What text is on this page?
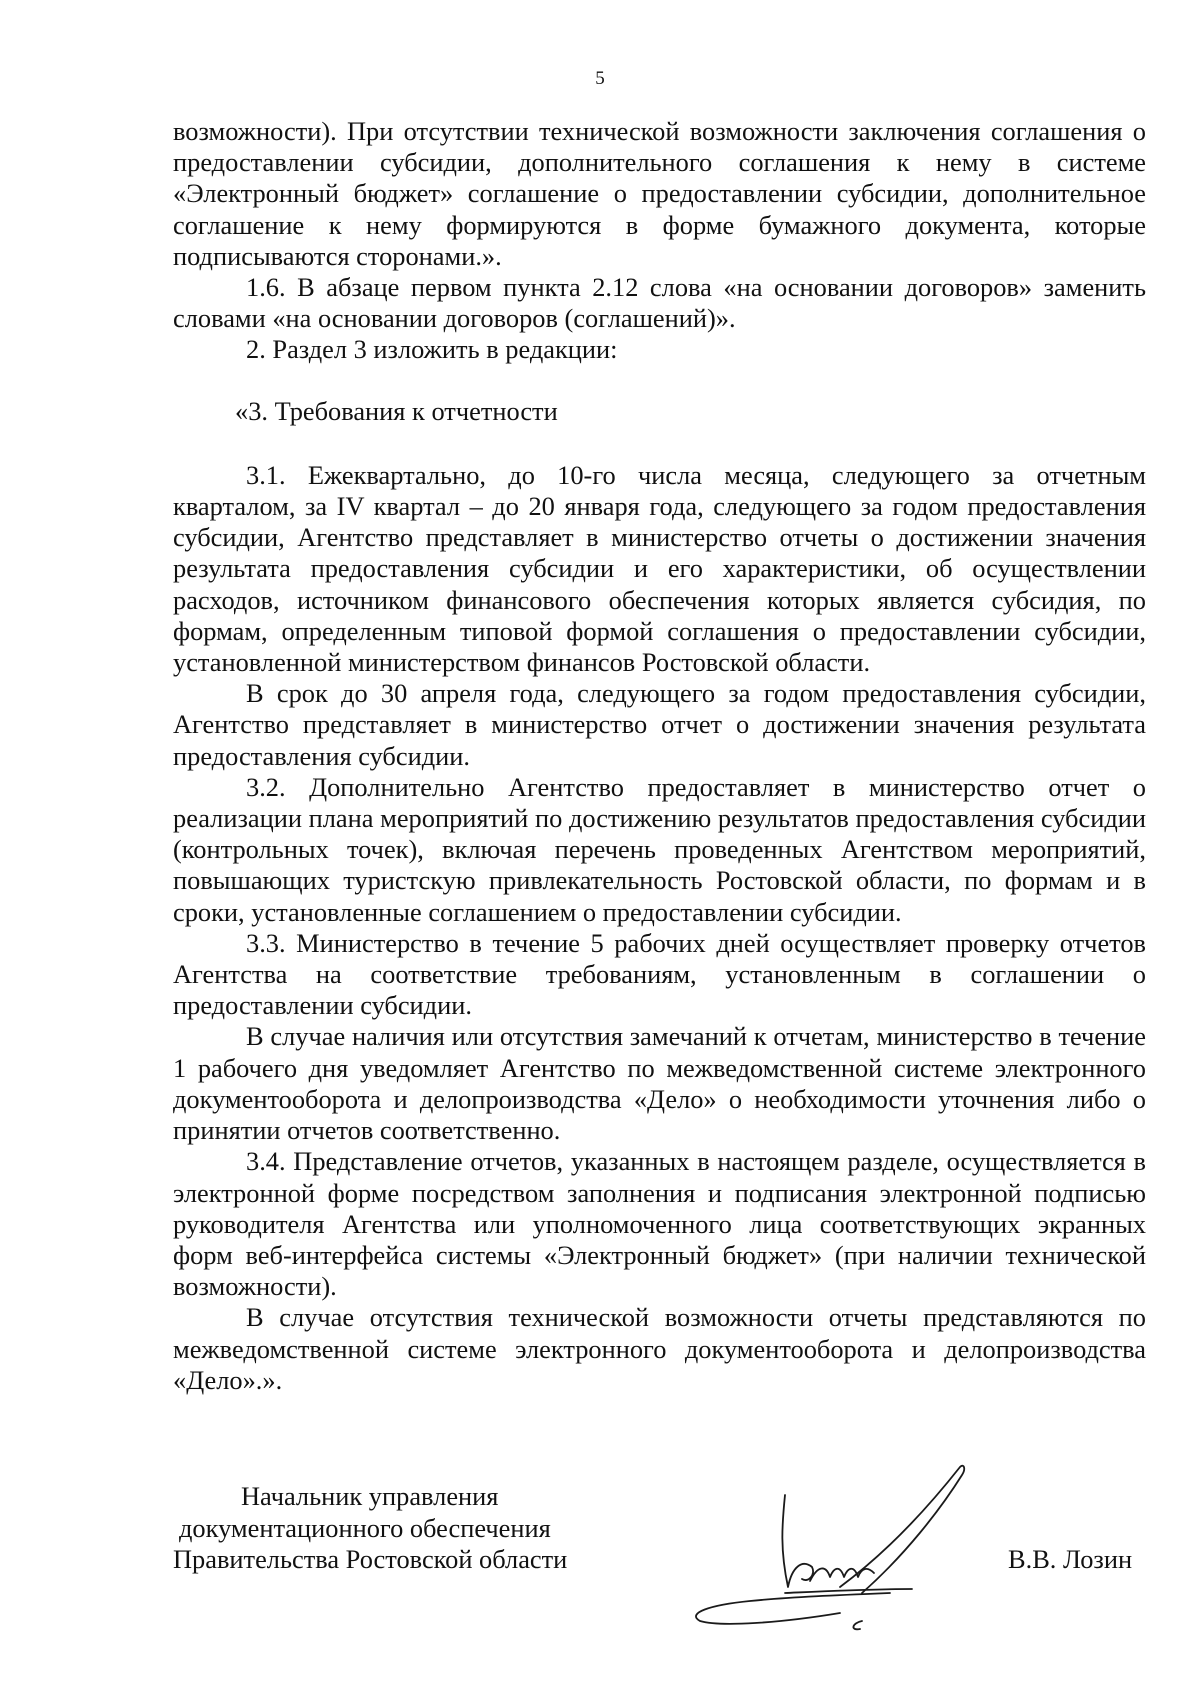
5

возможности). При отсутствии технической возможности заключения соглашения о предоставлении субсидии, дополнительного соглашения к нему в системе «Электронный бюджет» соглашение о предоставлении субсидии, дополнительное соглашение к нему формируются в форме бумажного документа, которые подписываются сторонами.».

1.6. В абзаце первом пункта 2.12 слова «на основании договоров» заменить словами «на основании договоров (соглашений)».

2. Раздел 3 изложить в редакции:

«3. Требования к отчетности

3.1. Ежеквартально, до 10-го числа месяца, следующего за отчетным кварталом, за IV квартал – до 20 января года, следующего за годом предоставления субсидии, Агентство представляет в министерство отчеты о достижении значения результата предоставления субсидии и его характеристики, об осуществлении расходов, источником финансового обеспечения которых является субсидия, по формам, определенным типовой формой соглашения о предоставлении субсидии, установленной министерством финансов Ростовской области.

В срок до 30 апреля года, следующего за годом предоставления субсидии, Агентство представляет в министерство отчет о достижении значения результата предоставления субсидии.

3.2. Дополнительно Агентство предоставляет в министерство отчет о реализации плана мероприятий по достижению результатов предоставления субсидии (контрольных точек), включая перечень проведенных Агентством мероприятий, повышающих туристскую привлекательность Ростовской области, по формам и в сроки, установленные соглашением о предоставлении субсидии.

3.3. Министерство в течение 5 рабочих дней осуществляет проверку отчетов Агентства на соответствие требованиям, установленным в соглашении о предоставлении субсидии.

В случае наличия или отсутствия замечаний к отчетам, министерство в течение 1 рабочего дня уведомляет Агентство по межведомственной системе электронного документооборота и делопроизводства «Дело» о необходимости уточнения либо о принятии отчетов соответственно.

3.4. Представление отчетов, указанных в настоящем разделе, осуществляется в электронной форме посредством заполнения и подписания электронной подписью руководителя Агентства или уполномоченного лица соответствующих экранных форм веб-интерфейса системы «Электронный бюджет» (при наличии технической возможности).

В случае отсутствия технической возможности отчеты представляются по межведомственной системе электронного документооборота и делопроизводства «Дело».».

Начальник управления
документационного обеспечения
Правительства Ростовской области	В.В. Лозин
